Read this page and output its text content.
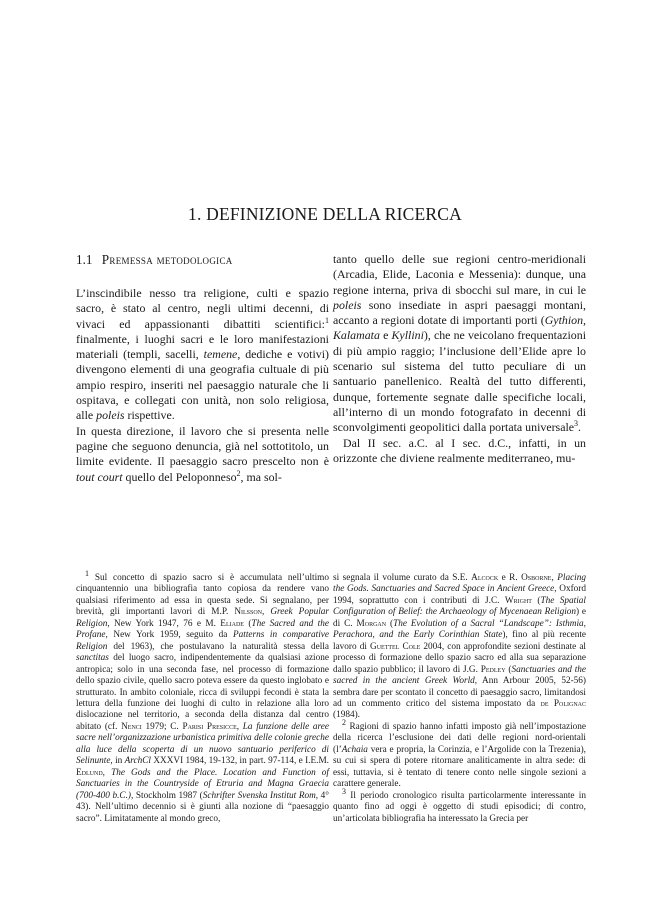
1. DEFINIZIONE DELLA RICERCA
1.1 Premessa metodologica

L’inscindibile nesso tra religione, culti e spazio sacro, è stato al centro, negli ultimi decenni, di vivaci ed appassionanti dibattiti scientifici:$^1$ finalmente, i luoghi sacri e le loro manifestazioni materiali (templi, sacelli, temene, dediche e votivi) divengono elementi di una geografia cultuale di più ampio respiro, inseriti nel paesaggio naturale che li ospitava, e collegati con unità, non solo religiosa, alle poleis rispettive.

In questa direzione, il lavoro che si presenta nelle pagine che seguono denuncia, già nel sottotitolo, un limite evidente. Il paesaggio sacro prescelto non è tout court quello del Peloponneso$^2$, ma sol-

tanto quello delle sue regioni centro-meridionali (Arcadia, Elide, Laconia e Messenia): dunque, una regione interna, priva di sbocchi sul mare, in cui le poleis sono insediate in aspri paesaggi montani, accanto a regioni dotate di importanti porti (Gythion, Kalamata e Kyllini), che ne veicolano frequentazioni di più ampio raggio; l’inclusione dell’Elide apre lo scenario sul sistema del tutto peculiare di un santuario panellenico. Realtà del tutto differenti, dunque, fortemente segnate dalle specifiche locali, all’interno di un mondo fotografato in decenni di sconvolgimenti geopolitici dalla portata universale$^3$.

Dal II sec. a.C. al I sec. d.C., infatti, in un orizzonte che diviene realmente mediterraneo, mu-

$^1$ Sul concetto di spazio sacro si è accumulata nell’ultimo cinquantennio una bibliografia tanto copiosa da rendere vano qualsiasi riferimento ad essa in questa sede. Si segnalano, per brevità, gli importanti lavori di M.P. Nilsson, Greek Popular Religion, New York 1947, 76 e M. Eliade (The Sacred and the Profane, New York 1959, seguito da Patterns in comparative Religion del 1963), che postulavano la naturalità stessa della sanctitas del luogo sacro, indipendentemente da qualsiasi azione antropica; solo in una seconda fase, nel processo di formazione dello spazio civile, quello sacro poteva essere da questo inglobato e strutturato. In ambito coloniale, ricca di sviluppi fecondi è stata la lettura della funzione dei luoghi di culto in relazione alla loro dislocazione nel territorio, a seconda della distanza dal centro abitato (cf. Nenci 1979; C. Parisi Presicce, La funzione delle aree sacre nell’organizzazione urbanistica primitiva delle colonie greche alla luce della scoperta di un nuovo santuario periferico di Selinunte, in ArchCl XXXVI 1984, 19-132, in part. 97-114, e I.E.M. Edlund, The Gods and the Place. Location and Function of Sanctuaries in the Countryside of Etruria and Magna Graecia (700-400 b.C.), Stockholm 1987 (Schrifter Svenska Institut Rom, 4° 43). Nell’ultimo decennio si è giunti alla nozione di “paesaggio sacro”. Limitatamente al mondo greco,

si segnala il volume curato da S.E. Alcock e R. Osborne, Placing the Gods. Sanctuaries and Sacred Space in Ancient Greece, Oxford 1994, soprattutto con i contributi di J.C. Wright (The Spatial Configuration of Belief: the Archaeology of Mycenaean Religion) e di C. Morgan (The Evolution of a Sacral “Landscape”: Isthmia, Perachora, and the Early Corinthian State), fino al più recente lavoro di Guettel Cole 2004, con approfondite sezioni destinate al processo di formazione dello spazio sacro ed alla sua separazione dallo spazio pubblico; il lavoro di J.G. Pedley (Sanctuaries and the sacred in the ancient Greek World, Ann Arbour 2005, 52-56) sembra dare per scontato il concetto di paesaggio sacro, limitandosi ad un commento critico del sistema impostato da de Polignac (1984).

$^2$ Ragioni di spazio hanno infatti imposto già nell’impostazione della ricerca l’esclusione dei dati delle regioni nord-orientali (l’Achaia vera e propria, la Corinzia, e l’Argolide con la Trezenia), su cui si spera di potere ritornare analiticamente in altra sede: di essi, tuttavia, si è tentato di tenere conto nelle singole sezioni a carattere generale.

$^3$ Il periodo cronologico risulta particolarmente interessante in quanto fino ad oggi è oggetto di studi episodici; di contro, un’articolata bibliografia ha interessato la Grecia per
